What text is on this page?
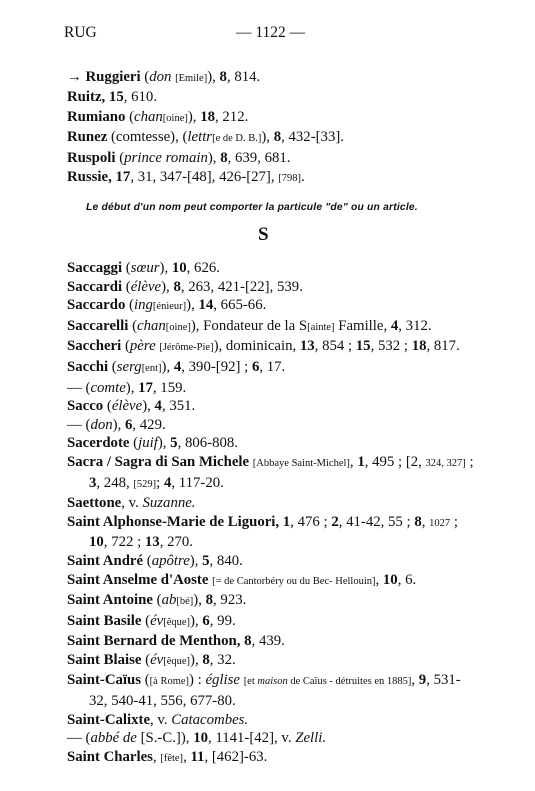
RUG	— 1122 —

→ Ruggieri (don [Emile]), 8, 814.

Ruitz, 15, 610.

Rumiano (chan[oine]), 18, 212.

Runez (comtesse), (lettr[e de D. B.]), 8, 432-[33].

Ruspoli (prince romain), 8, 639, 681.

Russie, 17, 31, 347-[48], 426-[27], [798].

Le début d'un nom peut comporter la particule "de" ou un article.
S

Saccaggi (sœur), 10, 626.

Saccardi (élève), 8, 263, 421-[22], 539.

Saccardo (ing[énieur]), 14, 665-66.

Saccarelli (chan[oine]), Fondateur de la S[ainte] Famille, 4, 312.

Saccheri (père [Jérôme-Pie]), dominicain, 13, 854 ; 15, 532 ; 18, 817.

Sacchi (serg[ent]), 4, 390-[92] ; 6, 17.

— (comte), 17, 159.

Sacco (élève), 4, 351.

— (don), 6, 429.

Sacerdote (juif), 5, 806-808.

Sacra / Sagra di San Michele [Abbaye Saint-Michel], 1, 495 ; [2, 324, 327] ; 3, 248, [529]; 4, 117-20.

Saettone, v. Suzanne.

Saint Alphonse-Marie de Liguori, 1, 476 ; 2, 41-42, 55 ; 8, 1027 ; 10, 722 ; 13, 270.

Saint André (apôtre), 5, 840.

Saint Anselme d'Aoste [= de Cantorbéry ou du Bec- Hellouin], 10, 6.

Saint Antoine (ab[bé]), 8, 923.

Saint Basile (év[êque]), 6, 99.

Saint Bernard de Menthon, 8, 439.

Saint Blaise (év[êque]), 8, 32.

Saint-Caïus ([à Rome]) : église [et maison de Caïus - détruites en 1885], 9, 531-32, 540-41, 556, 677-80.

Saint-Calixte, v. Catacombes.

— (abbé de [S.-C.]), 10, 1141-[42], v. Zelli.

Saint Charles, [fête], 11, [462]-63.
